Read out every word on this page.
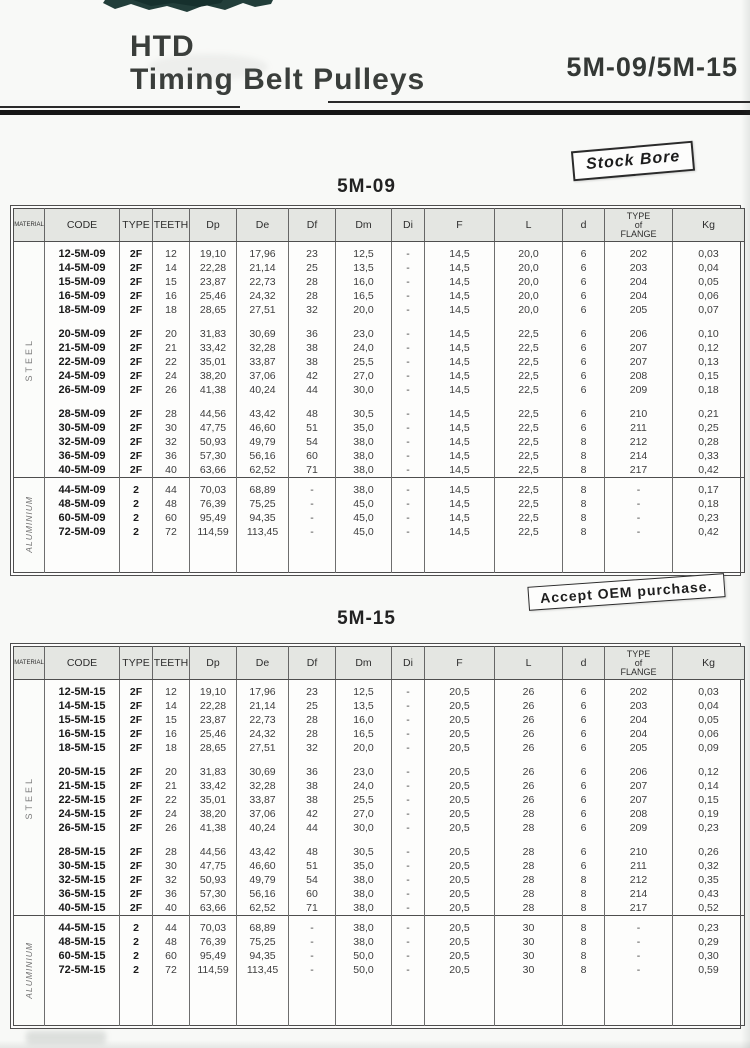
HTD
Timing Belt Pulleys	5M-09/5M-15
Stock Bore
5M-09
MATERIAL	CODE	TYPE	TEETH	Dp	De	Df	Dm	Di	F	L	d	TYPE
of
FLANGE	Kg
STEEL													
	12-5M-09	2F	12	19,10	17,96	23	12,5	-	14,5	20,0	6	202	0,03
	14-5M-09	2F	14	22,28	21,14	25	13,5	-	14,5	20,0	6	203	0,04
	15-5M-09	2F	15	23,87	22,73	28	16,0	-	14,5	20,0	6	204	0,05
	16-5M-09	2F	16	25,46	24,32	28	16,5	-	14,5	20,0	6	204	0,06
	18-5M-09	2F	18	28,65	27,51	32	20,0	-	14,5	20,0	6	205	0,07

	20-5M-09	2F	20	31,83	30,69	36	23,0	-	14,5	22,5	6	206	0,10
	21-5M-09	2F	21	33,42	32,28	38	24,0	-	14,5	22,5	6	207	0,12
	22-5M-09	2F	22	35,01	33,87	38	25,5	-	14,5	22,5	6	207	0,13
	24-5M-09	2F	24	38,20	37,06	42	27,0	-	14,5	22,5	6	208	0,15
	26-5M-09	2F	26	41,38	40,24	44	30,0	-	14,5	22,5	6	209	0,18

	28-5M-09	2F	28	44,56	43,42	48	30,5	-	14,5	22,5	6	210	0,21
	30-5M-09	2F	30	47,75	46,60	51	35,0	-	14,5	22,5	6	211	0,25
	32-5M-09	2F	32	50,93	49,79	54	38,0	-	14,5	22,5	8	212	0,28
	36-5M-09	2F	36	57,30	56,16	60	38,0	-	14,5	22,5	8	214	0,33
	40-5M-09	2F	40	63,66	62,52	71	38,0	-	14,5	22,5	8	217	0,42
ALUMINIUM													
	44-5M-09	2	44	70,03	68,89	-	38,0	-	14,5	22,5	8	-	0,17
	48-5M-09	2	48	76,39	75,25	-	45,0	-	14,5	22,5	8	-	0,18
	60-5M-09	2	60	95,49	94,35	-	45,0	-	14,5	22,5	8	-	0,23
	72-5M-09	2	72	114,59	113,45	-	45,0	-	14,5	22,5	8	-	0,42

Accept OEM purchase.
5M-15
MATERIAL	CODE	TYPE	TEETH	Dp	De	Df	Dm	Di	F	L	d	TYPE
of
FLANGE	Kg
STEEL													
	12-5M-15	2F	12	19,10	17,96	23	12,5	-	20,5	26	6	202	0,03
	14-5M-15	2F	14	22,28	21,14	25	13,5	-	20,5	26	6	203	0,04
	15-5M-15	2F	15	23,87	22,73	28	16,0	-	20,5	26	6	204	0,05
	16-5M-15	2F	16	25,46	24,32	28	16,5	-	20,5	26	6	204	0,06
	18-5M-15	2F	18	28,65	27,51	32	20,0	-	20,5	26	6	205	0,09

	20-5M-15	2F	20	31,83	30,69	36	23,0	-	20,5	26	6	206	0,12
	21-5M-15	2F	21	33,42	32,28	38	24,0	-	20,5	26	6	207	0,14
	22-5M-15	2F	22	35,01	33,87	38	25,5	-	20,5	26	6	207	0,15
	24-5M-15	2F	24	38,20	37,06	42	27,0	-	20,5	28	6	208	0,19
	26-5M-15	2F	26	41,38	40,24	44	30,0	-	20,5	28	6	209	0,23

	28-5M-15	2F	28	44,56	43,42	48	30,5	-	20,5	28	6	210	0,26
	30-5M-15	2F	30	47,75	46,60	51	35,0	-	20,5	28	6	211	0,32
	32-5M-15	2F	32	50,93	49,79	54	38,0	-	20,5	28	8	212	0,35
	36-5M-15	2F	36	57,30	56,16	60	38,0	-	20,5	28	8	214	0,43
	40-5M-15	2F	40	63,66	62,52	71	38,0	-	20,5	28	8	217	0,52
ALUMINIUM													
	44-5M-15	2	44	70,03	68,89	-	38,0	-	20,5	30	8	-	0,23
	48-5M-15	2	48	76,39	75,25	-	38,0	-	20,5	30	8	-	0,29
	60-5M-15	2	60	95,49	94,35	-	50,0	-	20,5	30	8	-	0,30
	72-5M-15	2	72	114,59	113,45	-	50,0	-	20,5	30	8	-	0,59
